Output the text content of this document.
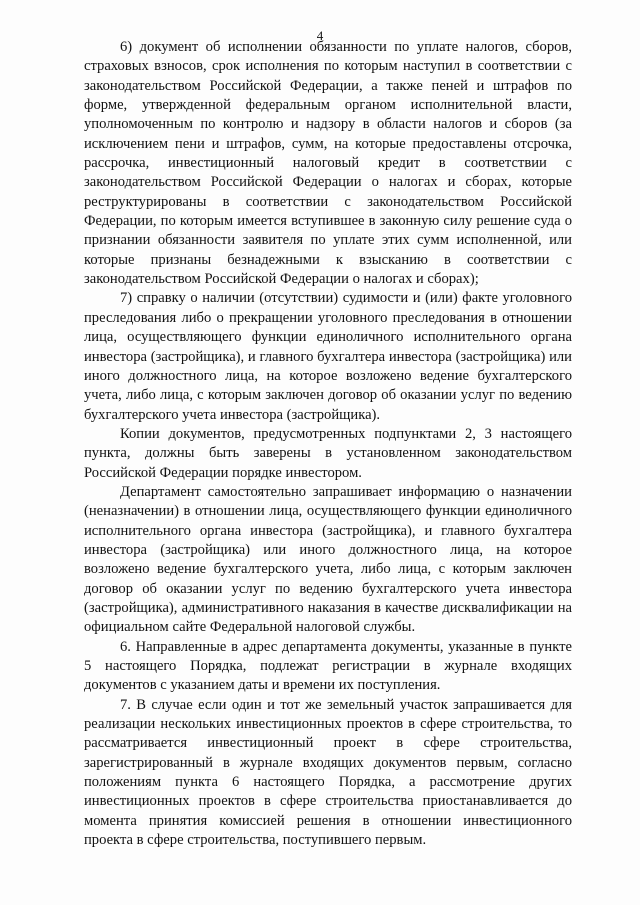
4

6) документ об исполнении обязанности по уплате налогов, сборов, страховых взносов, срок исполнения по которым наступил в соответствии с законодательством Российской Федерации, а также пеней и штрафов по форме, утвержденной федеральным органом исполнительной власти, уполномоченным по контролю и надзору в области налогов и сборов (за исключением пени и штрафов, сумм, на которые предоставлены отсрочка, рассрочка, инвестиционный налоговый кредит в соответствии с законодательством Российской Федерации о налогах и сборах, которые реструктурированы в соответствии с законодательством Российской Федерации, по которым имеется вступившее в законную силу решение суда о признании обязанности заявителя по уплате этих сумм исполненной, или которые признаны безнадежными к взысканию в соответствии с законодательством Российской Федерации о налогах и сборах);

7) справку о наличии (отсутствии) судимости и (или) факте уголовного преследования либо о прекращении уголовного преследования в отношении лица, осуществляющего функции единоличного исполнительного органа инвестора (застройщика), и главного бухгалтера инвестора (застройщика) или иного должностного лица, на которое возложено ведение бухгалтерского учета, либо лица, с которым заключен договор об оказании услуг по ведению бухгалтерского учета инвестора (застройщика).

Копии документов, предусмотренных подпунктами 2, 3 настоящего пункта, должны быть заверены в установленном законодательством Российской Федерации порядке инвестором.

Департамент самостоятельно запрашивает информацию о назначении (неназначении) в отношении лица, осуществляющего функции единоличного исполнительного органа инвестора (застройщика), и главного бухгалтера инвестора (застройщика) или иного должностного лица, на которое возложено ведение бухгалтерского учета, либо лица, с которым заключен договор об оказании услуг по ведению бухгалтерского учета инвестора (застройщика), административного наказания в качестве дисквалификации на официальном сайте Федеральной налоговой службы.

6. Направленные в адрес департамента документы, указанные в пункте 5 настоящего Порядка, подлежат регистрации в журнале входящих документов с указанием даты и времени их поступления.

7. В случае если один и тот же земельный участок запрашивается для реализации нескольких инвестиционных проектов в сфере строительства, то рассматривается инвестиционный проект в сфере строительства, зарегистрированный в журнале входящих документов первым, согласно положениям пункта 6 настоящего Порядка, а рассмотрение других инвестиционных проектов в сфере строительства приостанавливается до момента принятия комиссией решения в отношении инвестиционного проекта в сфере строительства, поступившего первым.
